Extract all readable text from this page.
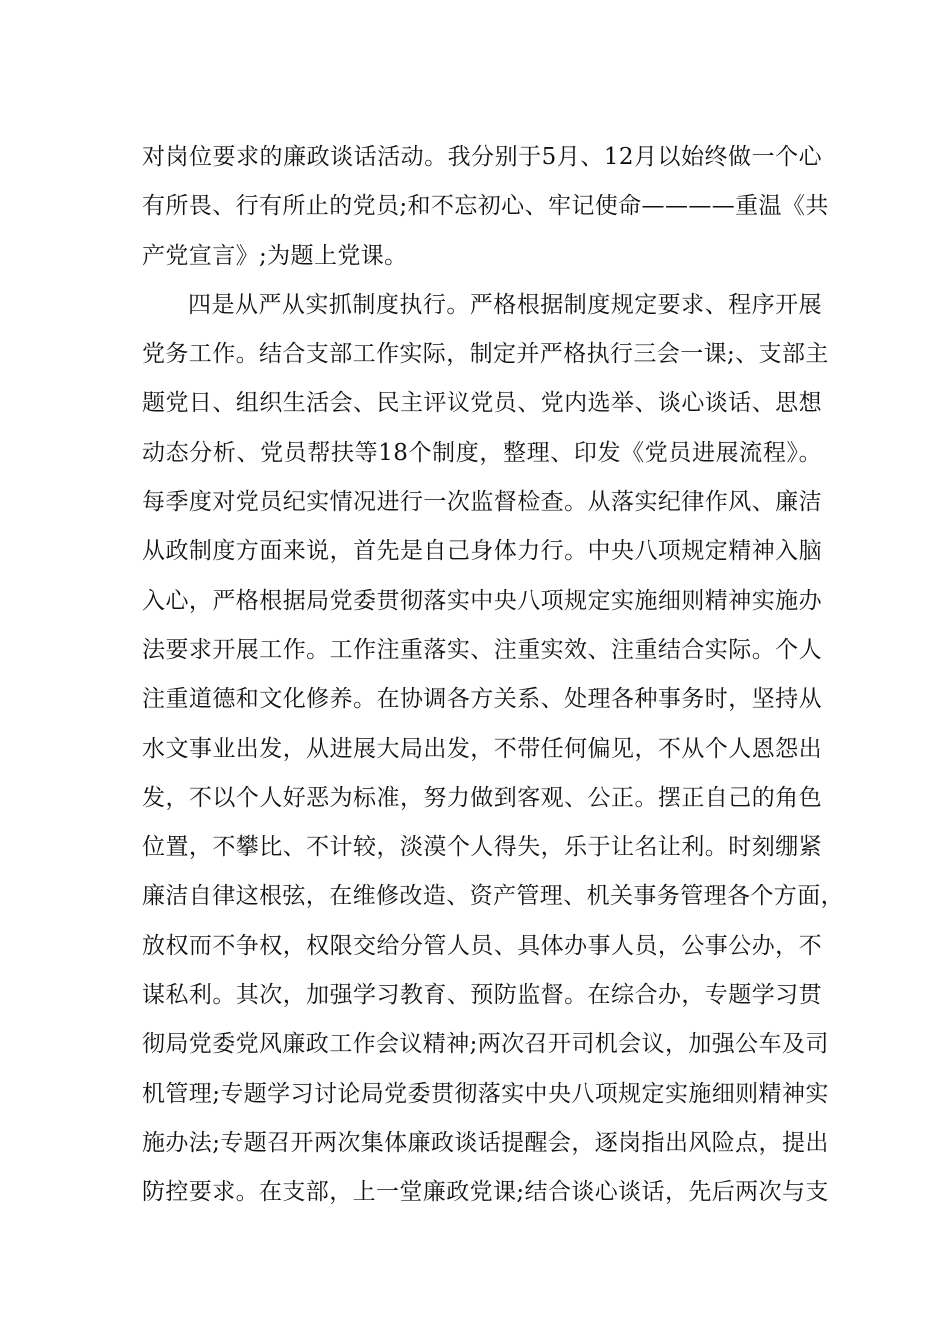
对岗位要求的廉政谈话活动。我分别于5月、12月以始终做一个心
有所畏、行有所止的党员;和不忘初心、牢记使命————重温《共
产党宣言》;为题上党课。
四是从严从实抓制度执行。严格根据制度规定要求、程序开展
党务工作。结合支部工作实际，制定并严格执行三会一课;、支部主
题党日、组织生活会、民主评议党员、党内选举、谈心谈话、思想
动态分析、党员帮扶等18个制度，整理、印发《党员进展流程》。
每季度对党员纪实情况进行一次监督检查。从落实纪律作风、廉洁
从政制度方面来说，首先是自己身体力行。中央八项规定精神入脑
入心，严格根据局党委贯彻落实中央八项规定实施细则精神实施办
法要求开展工作。工作注重落实、注重实效、注重结合实际。个人
注重道德和文化修养。在协调各方关系、处理各种事务时，坚持从
水文事业出发，从进展大局出发，不带任何偏见，不从个人恩怨出
发，不以个人好恶为标准，努力做到客观、公正。摆正自己的角色
位置，不攀比、不计较，淡漠个人得失，乐于让名让利。时刻绷紧
廉洁自律这根弦，在维修改造、资产管理、机关事务管理各个方面，
放权而不争权，权限交给分管人员、具体办事人员，公事公办，不
谋私利。其次，加强学习教育、预防监督。在综合办，专题学习贯
彻局党委党风廉政工作会议精神;两次召开司机会议，加强公车及司
机管理;专题学习讨论局党委贯彻落实中央八项规定实施细则精神实
施办法;专题召开两次集体廉政谈话提醒会，逐岗指出风险点，提出
防控要求。在支部，上一堂廉政党课;结合谈心谈话，先后两次与支
